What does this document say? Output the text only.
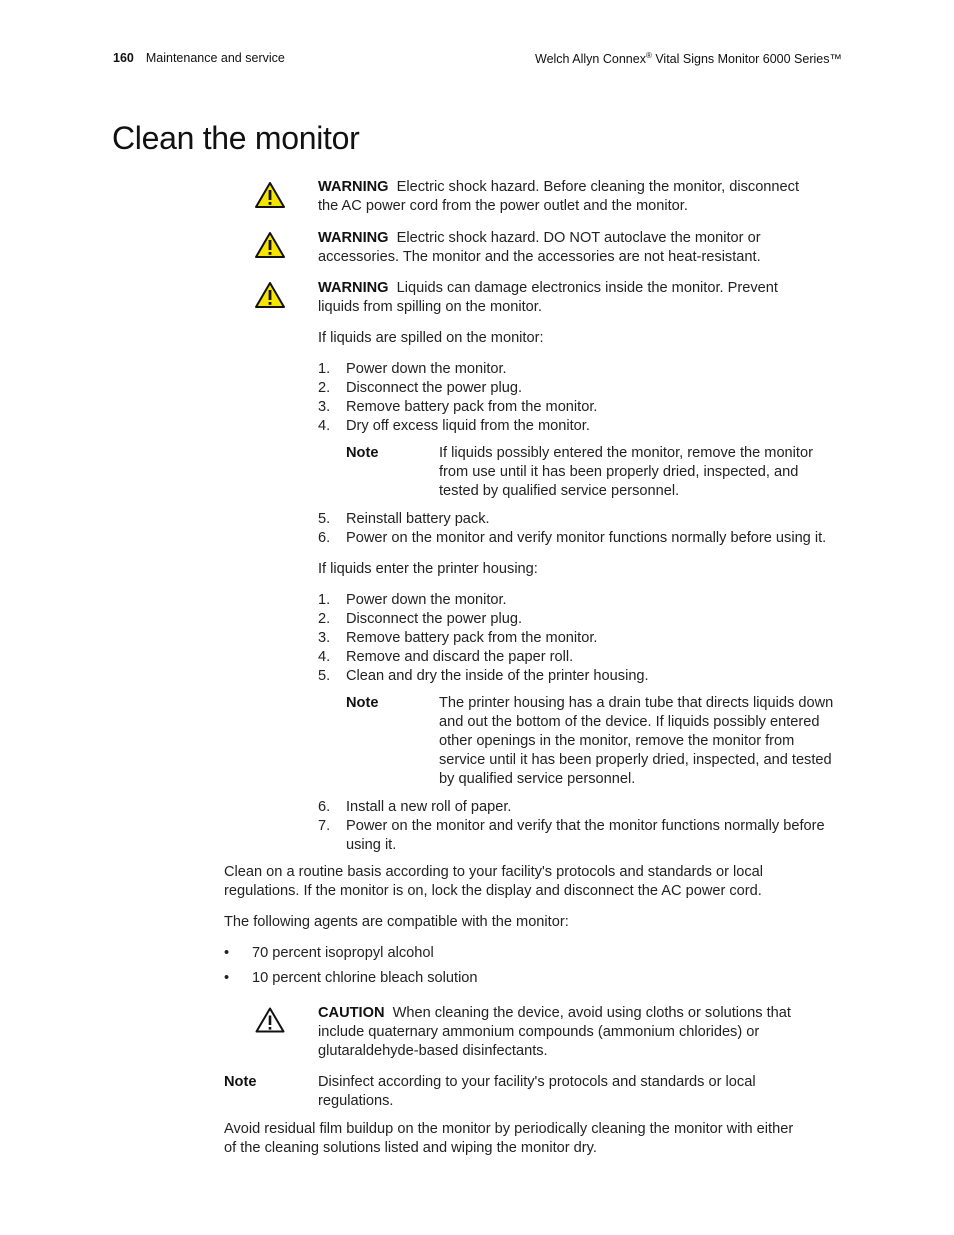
160 Maintenance and service	Welch Allyn Connex® Vital Signs Monitor 6000 Series™
Clean the monitor
WARNING Electric shock hazard. Before cleaning the monitor, disconnect
the AC power cord from the power outlet and the monitor.
WARNING Electric shock hazard. DO NOT autoclave the monitor or
accessories. The monitor and the accessories are not heat-resistant.
WARNING Liquids can damage electronics inside the monitor. Prevent
liquids from spilling on the monitor.
If liquids are spilled on the monitor:
1.	Power down the monitor.
2.	Disconnect the power plug.
3.	Remove battery pack from the monitor.
4.	Dry off excess liquid from the monitor.
Note	If liquids possibly entered the monitor, remove the monitor
from use until it has been properly dried, inspected, and
tested by qualified service personnel.
5.	Reinstall battery pack.
6.	Power on the monitor and verify monitor functions normally before using it.
If liquids enter the printer housing:
1.	Power down the monitor.
2.	Disconnect the power plug.
3.	Remove battery pack from the monitor.
4.	Remove and discard the paper roll.
5.	Clean and dry the inside of the printer housing.
Note	The printer housing has a drain tube that directs liquids down
and out the bottom of the device. If liquids possibly entered
other openings in the monitor, remove the monitor from
service until it has been properly dried, inspected, and tested
by qualified service personnel.
6.	Install a new roll of paper.
7.	Power on the monitor and verify that the monitor functions normally before
using it.
Clean on a routine basis according to your facility's protocols and standards or local
regulations. If the monitor is on, lock the display and disconnect the AC power cord.
The following agents are compatible with the monitor:
• 70 percent isopropyl alcohol
• 10 percent chlorine bleach solution
CAUTION When cleaning the device, avoid using cloths or solutions that
include quaternary ammonium compounds (ammonium chlorides) or
glutaraldehyde-based disinfectants.
Note	Disinfect according to your facility's protocols and standards or local
regulations.
Avoid residual film buildup on the monitor by periodically cleaning the monitor with either
of the cleaning solutions listed and wiping the monitor dry.
